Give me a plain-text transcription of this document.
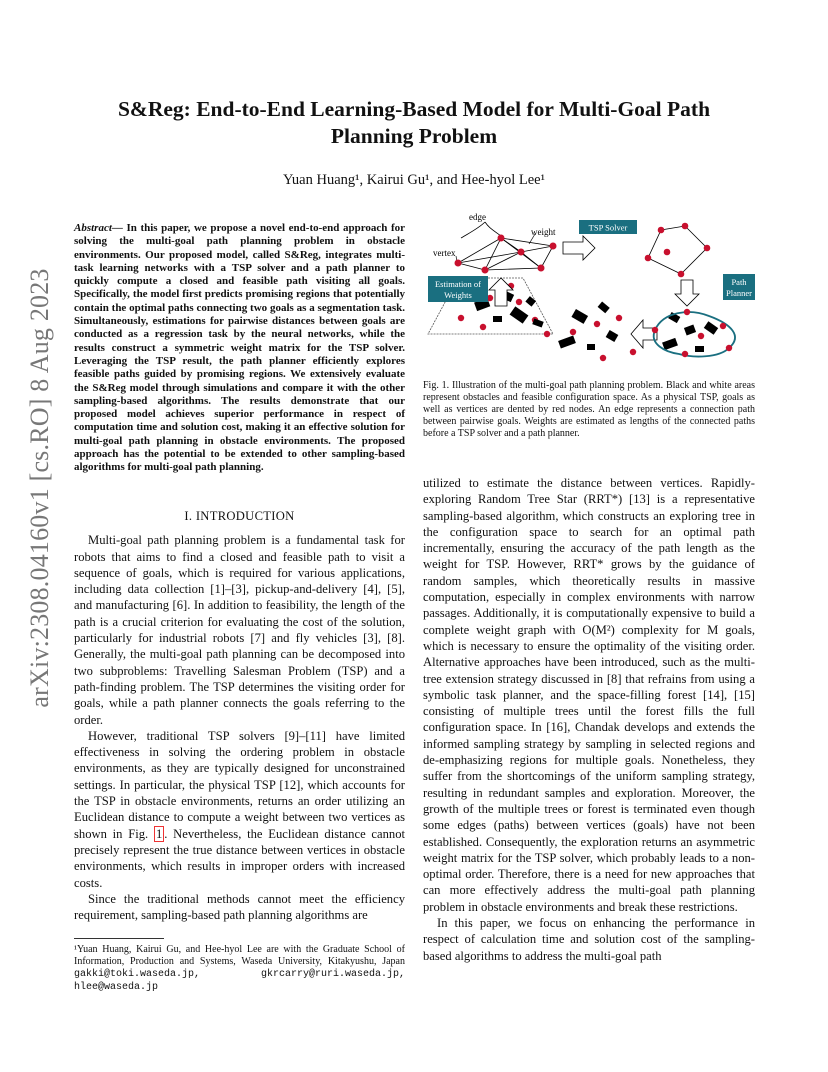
arXiv:2308.04160v1 [cs.RO] 8 Aug 2023
S&Reg: End-to-End Learning-Based Model for Multi-Goal Path
Planning Problem
Yuan Huang¹, Kairui Gu¹, and Hee-hyol Lee¹
Abstract— In this paper, we propose a novel end-to-end approach for solving the multi-goal path planning problem in obstacle environments. Our proposed model, called S&Reg, integrates multi-task learning networks with a TSP solver and a path planner to quickly compute a closed and feasible path visiting all goals. Specifically, the model first predicts promising regions that potentially contain the optimal paths connecting two goals as a segmentation task. Simultaneously, estimations for pairwise distances between goals are conducted as a regression task by the neural networks, while the results construct a symmetric weight matrix for the TSP solver. Leveraging the TSP result, the path planner efficiently explores feasible paths guided by promising regions. We extensively evaluate the S&Reg model through simulations and compare it with the other sampling-based algorithms. The results demonstrate that our proposed model achieves superior performance in respect of computation time and solution cost, making it an effective solution for multi-goal path planning in obstacle environments. The proposed approach has the potential to be extended to other sampling-based algorithms for multi-goal path planning.
edge
weight
vertex
Estimation of
Weights
TSP Solver
Path
Planner
Fig. 1. Illustration of the multi-goal path planning problem. Black and white areas represent obstacles and feasible configuration space. As a physical TSP, goals as well as vertices are dented by red nodes. An edge represents a connection path between pairwise goals. Weights are estimated as lengths of the connected paths before a TSP solver and a path planner.
I. INTRODUCTION

Multi-goal path planning problem is a fundamental task for robots that aims to find a closed and feasible path to visit a sequence of goals, which is required for various applications, including data collection [1]–[3], pickup-and-delivery [4], [5], and manufacturing [6]. In addition to feasibility, the length of the path is a crucial criterion for evaluating the cost of the solution, particularly for industrial robots [7] and fly vehicles [3], [8]. Generally, the multi-goal path planning can be decomposed into two subproblems: Travelling Salesman Problem (TSP) and a path-finding problem. The TSP determines the visiting order for goals, while a path planner connects the goals referring to the order.

However, traditional TSP solvers [9]–[11] have limited effectiveness in solving the ordering problem in obstacle environments, as they are typically designed for unconstrained settings. In particular, the physical TSP [12], which accounts for the TSP in obstacle environments, returns an order utilizing an Euclidean distance to compute a weight between two vertices as shown in Fig. 1 . Nevertheless, the Euclidean distance cannot precisely represent the true distance between vertices in obstacle environments, which results in improper orders with increased costs.

Since the traditional methods cannot meet the efficiency requirement, sampling-based path planning algorithms are

¹Yuan Huang, Kairui Gu, and Hee-hyol Lee are with the Graduate School of Information, Production and Systems, Waseda University, Kitakyushu, Japan gakki@toki.waseda.jp, gkrcarry@ruri.waseda.jp, hlee@waseda.jp

utilized to estimate the distance between vertices. Rapidly-exploring Random Tree Star (RRT*) [13] is a representative sampling-based algorithm, which constructs an exploring tree in the configuration space to search for an optimal path incrementally, ensuring the accuracy of the path length as the weight for TSP. However, RRT* grows by the guidance of random samples, which theoretically results in massive computation, especially in complex environments with narrow passages. Additionally, it is computationally expensive to build a complete weight graph with O(M²) complexity for M goals, which is necessary to ensure the optimality of the visiting order. Alternative approaches have been introduced, such as the multi-tree extension strategy discussed in [8] that refrains from using a symbolic task planner, and the space-filling forest [14], [15] consisting of multiple trees until the forest fills the full configuration space. In [16], Chandak develops and extends the informed sampling strategy by sampling in selected regions and de-emphasizing regions for multiple goals. Nonetheless, they suffer from the shortcomings of the uniform sampling strategy, resulting in redundant samples and exploration. Moreover, the growth of the multiple trees or forest is terminated even though some edges (paths) between vertices (goals) have not been established. Consequently, the exploration returns an asymmetric weight matrix for the TSP solver, which probably leads to a non-optimal order. Therefore, there is a need for new approaches that can more effectively address the multi-goal path planning problem in obstacle environments and break these restrictions.

In this paper, we focus on enhancing the performance in respect of calculation time and solution cost of the sampling-based algorithms to address the multi-goal path
